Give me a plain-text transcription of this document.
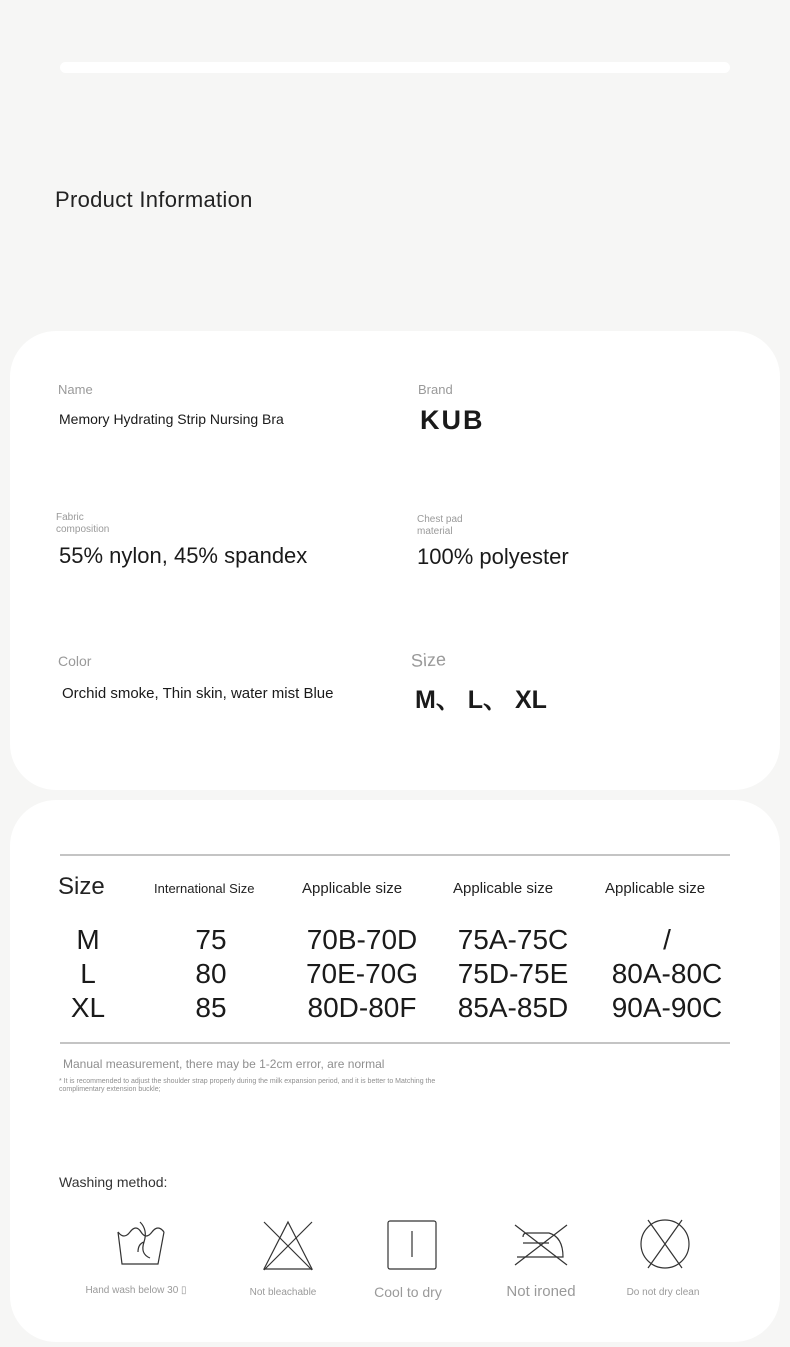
Product Information
Name
Memory Hydrating Strip Nursing Bra
Brand
KUB
Fabric
composition
55% nylon, 45% spandex
Chest pad
material
100% polyester
Color
Orchid smoke, Thin skin, water mist Blue
Size
M、 L、 XL
Size	International Size	Applicable size	Applicable size	Applicable size
M	75	70B-70D	75A-75C	/
L	80	70E-70G	75D-75E	80A-80C
XL	85	80D-80F	85A-85D	90A-90C
Manual measurement, there may be 1-2cm error, are normal
* It is recommended to adjust the shoulder strap properly during the milk expansion period, and it is better to Matching the
complimentary extension buckle;
Washing method:
Hand wash below 30 ▯	Not bleachable	Cool to dry	Not ironed	Do not dry clean
